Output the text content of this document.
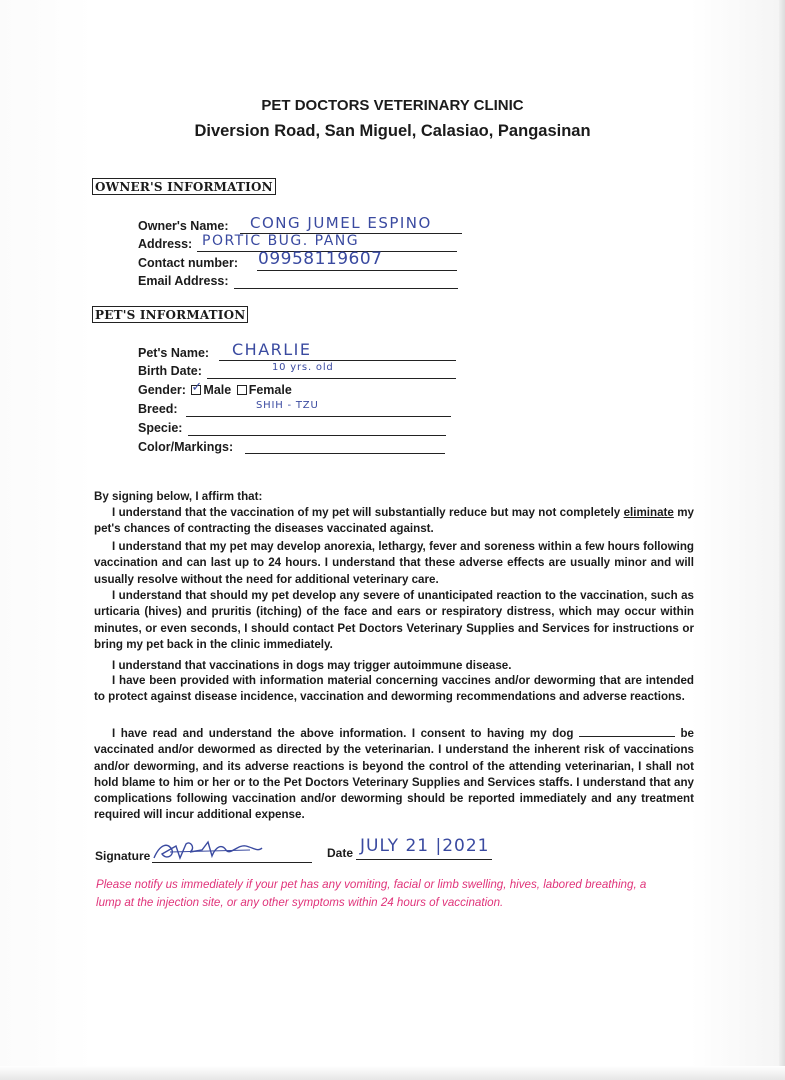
PET DOCTORS VETERINARY CLINIC
Diversion Road, San Miguel, Calasiao, Pangasinan
OWNER'S INFORMATION
Owner's Name: CONG JUMEL ESPINO
Address: PORTIC BUG. PANG
Contact number: 09958119607
Email Address:
PET'S INFORMATION
Pet's Name: CHARLIE
Birth Date:	10 yrs. old
Gender: ✓ Male Female
Breed:	SHIH - TZU
Specie:
Color/Markings:
By signing below, I affirm that:
I understand that the vaccination of my pet will substantially reduce but may not completely eliminate my pet's chances of contracting the diseases vaccinated against.
I understand that my pet may develop anorexia, lethargy, fever and soreness within a few hours following vaccination and can last up to 24 hours. I understand that these adverse effects are usually minor and will usually resolve without the need for additional veterinary care.
I understand that should my pet develop any severe of unanticipated reaction to the vaccination, such as urticaria (hives) and pruritis (itching) of the face and ears or respiratory distress, which may occur within minutes, or even seconds, I should contact Pet Doctors Veterinary Supplies and Services for instructions or bring my pet back in the clinic immediately.
I understand that vaccinations in dogs may trigger autoimmune disease.
I have been provided with information material concerning vaccines and/or deworming that are intended to protect against disease incidence, vaccination and deworming recommendations and adverse reactions.
I have read and understand the above information. I consent to having my dog	be vaccinated and/or dewormed as directed by the veterinarian. I understand the inherent risk of vaccinations and/or deworming, and its adverse reactions is beyond the control of the attending veterinarian, I shall not hold blame to him or her or to the Pet Doctors Veterinary Supplies and Services staffs. I understand that any complications following vaccination and/or deworming should be reported immediately and any treatment required will incur additional expense.
Signature	Date JULY 21 |2021
Please notify us immediately if your pet has any vomiting, facial or limb swelling, hives, labored breathing, a lump at the injection site, or any other symptoms within 24 hours of vaccination.
